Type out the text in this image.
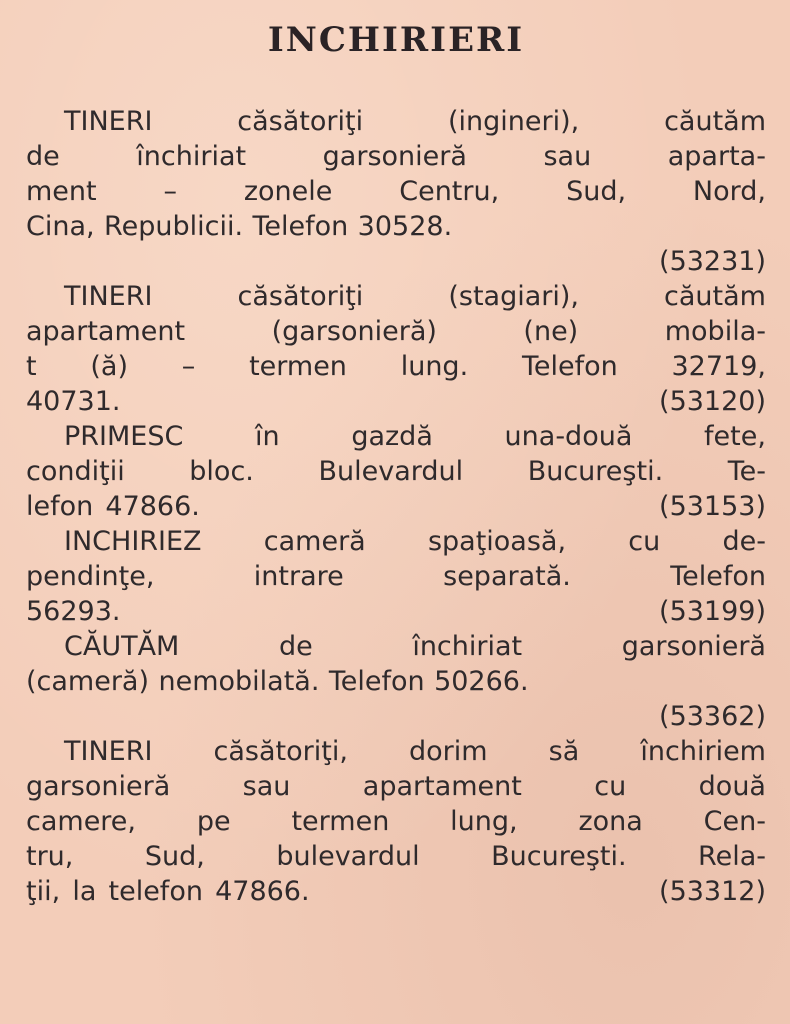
INCHIRIERI
TINERI	căsătoriţi	(ingineri),	căutăm
de	închiriat	garsonieră	sau	aparta-
ment – zonele Centru, Sud, Nord,
Cina, Republicii. Telefon 30528.
(53231)
TINERI	căsătoriţi	(stagiari),	căutăm
apartament	(garsonieră)	(ne)	mobila-
t (ă) – termen lung. Telefon 32719,
40731.	(53120)
PRIMESC	în	gazdă	una-două	fete,
condiţii bloc. Bulevardul Bucureşti. Te-
lefon 47866.	(53153)
INCHIRIEZ cameră spaţioasă, cu de-
pendinţe,	intrare	separată.	Telefon
56293.	(53199)
CĂUTĂM	de	închiriat	garsonieră
(cameră) nemobilată. Telefon 50266.
(53362)
TINERI căsătoriţi, dorim să închiriem
garsonieră	sau	apartament	cu	două
camere, pe termen lung, zona Cen-
tru,	Sud,	bulevardul	Bucureşti.	Rela-
ţii, la telefon 47866.	(53312)
